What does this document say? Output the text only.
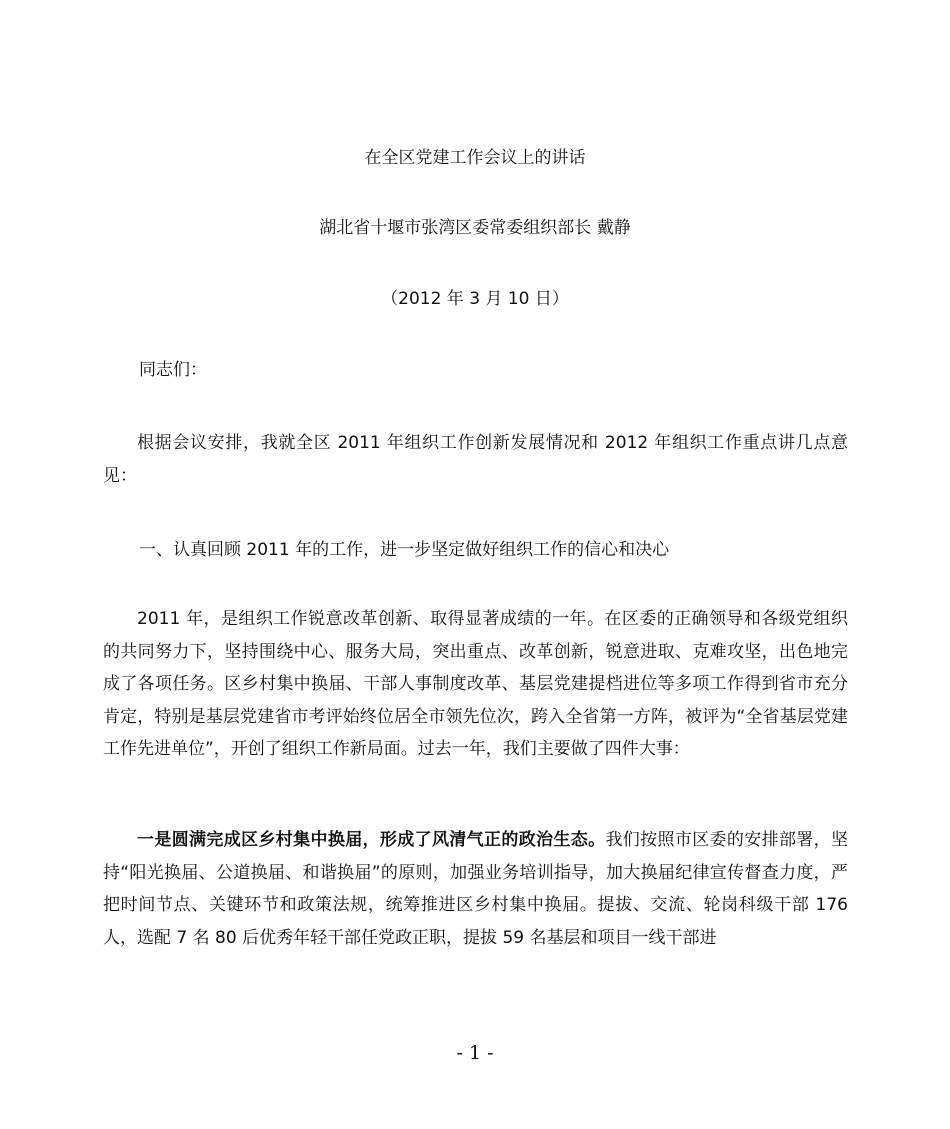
在全区党建工作会议上的讲话
湖北省十堰市张湾区委常委组织部长 戴静
（2012 年 3 月 10 日）
同志们：
根据会议安排，我就全区 2011 年组织工作创新发展情况和 2012 年组织工作重点讲几点意见：
一、认真回顾 2011 年的工作，进一步坚定做好组织工作的信心和决心
2011 年，是组织工作锐意改革创新、取得显著成绩的一年。在区委的正确领导和各级党组织的共同努力下，坚持围绕中心、服务大局，突出重点、改革创新，锐意进取、克难攻坚，出色地完成了各项任务。区乡村集中换届、干部人事制度改革、基层党建提档进位等多项工作得到省市充分肯定，特别是基层党建省市考评始终位居全市领先位次，跨入全省第一方阵，被评为“全省基层党建工作先进单位”，开创了组织工作新局面。过去一年，我们主要做了四件大事：
一是圆满完成区乡村集中换届，形成了风清气正的政治生态。我们按照市区委的安排部署，坚持“阳光换届、公道换届、和谐换届”的原则，加强业务培训指导，加大换届纪律宣传督查力度，严把时间节点、关键环节和政策法规，统筹推进区乡村集中换届。提拔、交流、轮岗科级干部 176 人，选配 7 名 80 后优秀年轻干部任党政正职，提拔 59 名基层和项目一线干部进
- 1 -
